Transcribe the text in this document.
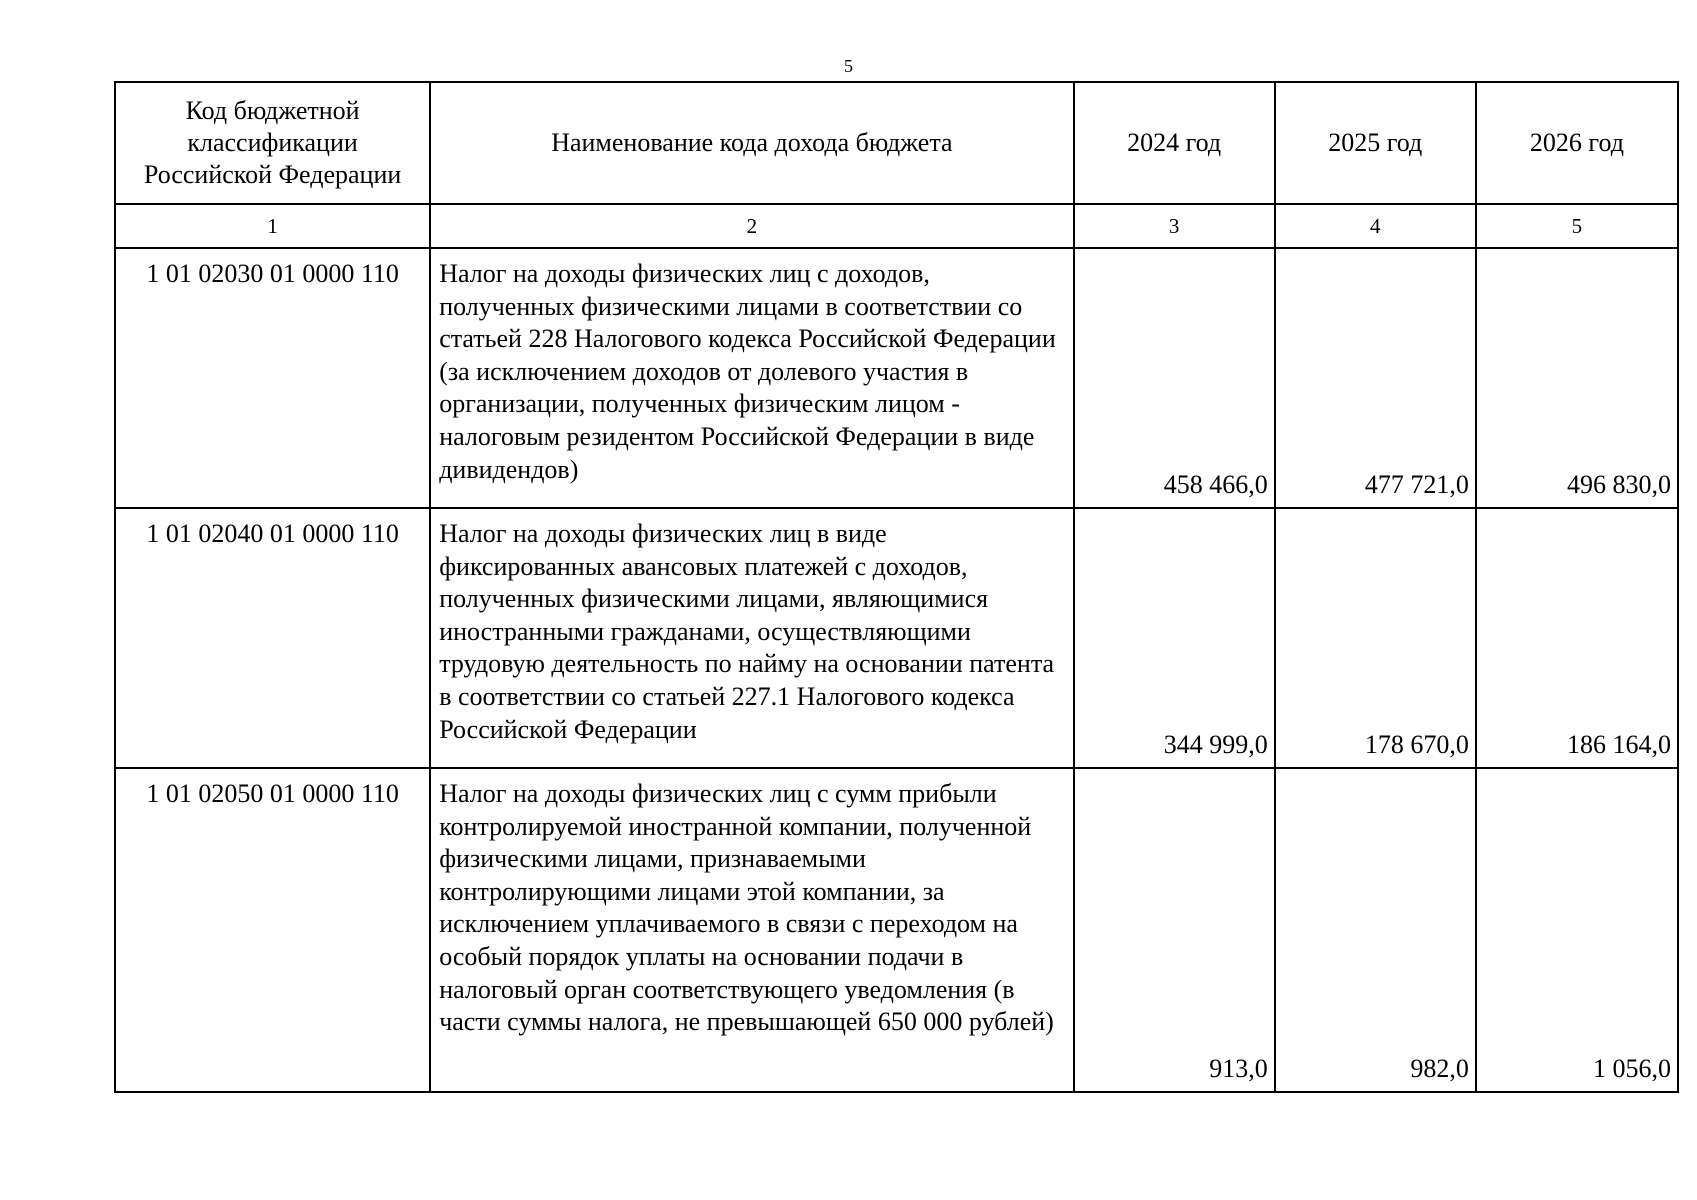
5
Код бюджетной классификации Российской Федерации	Наименование кода дохода бюджета	2024 год	2025 год	2026 год
1	2	3	4	5
1 01 02030 01 0000 110	Налог на доходы физических лиц с доходов, полученных физическими лицами в соответствии со статьей 228 Налогового кодекса Российской Федерации (за исключением доходов от долевого участия в организации, полученных физическим лицом - налоговым резидентом Российской Федерации в виде дивидендов)	458 466,0	477 721,0	496 830,0
1 01 02040 01 0000 110	Налог на доходы физических лиц в виде фиксированных авансовых платежей с доходов, полученных физическими лицами, являющимися иностранными гражданами, осуществляющими трудовую деятельность по найму на основании патента в соответствии со статьей 227.1 Налогового кодекса Российской Федерации	344 999,0	178 670,0	186 164,0
1 01 02050 01 0000 110	Налог на доходы физических лиц с сумм прибыли контролируемой иностранной компании, полученной физическими лицами, признаваемыми контролирующими лицами этой компании, за исключением уплачиваемого в связи с переходом на особый порядок уплаты на основании подачи в налоговый орган соответствующего уведомления (в части суммы налога, не превышающей 650 000 рублей)	913,0	982,0	1 056,0
